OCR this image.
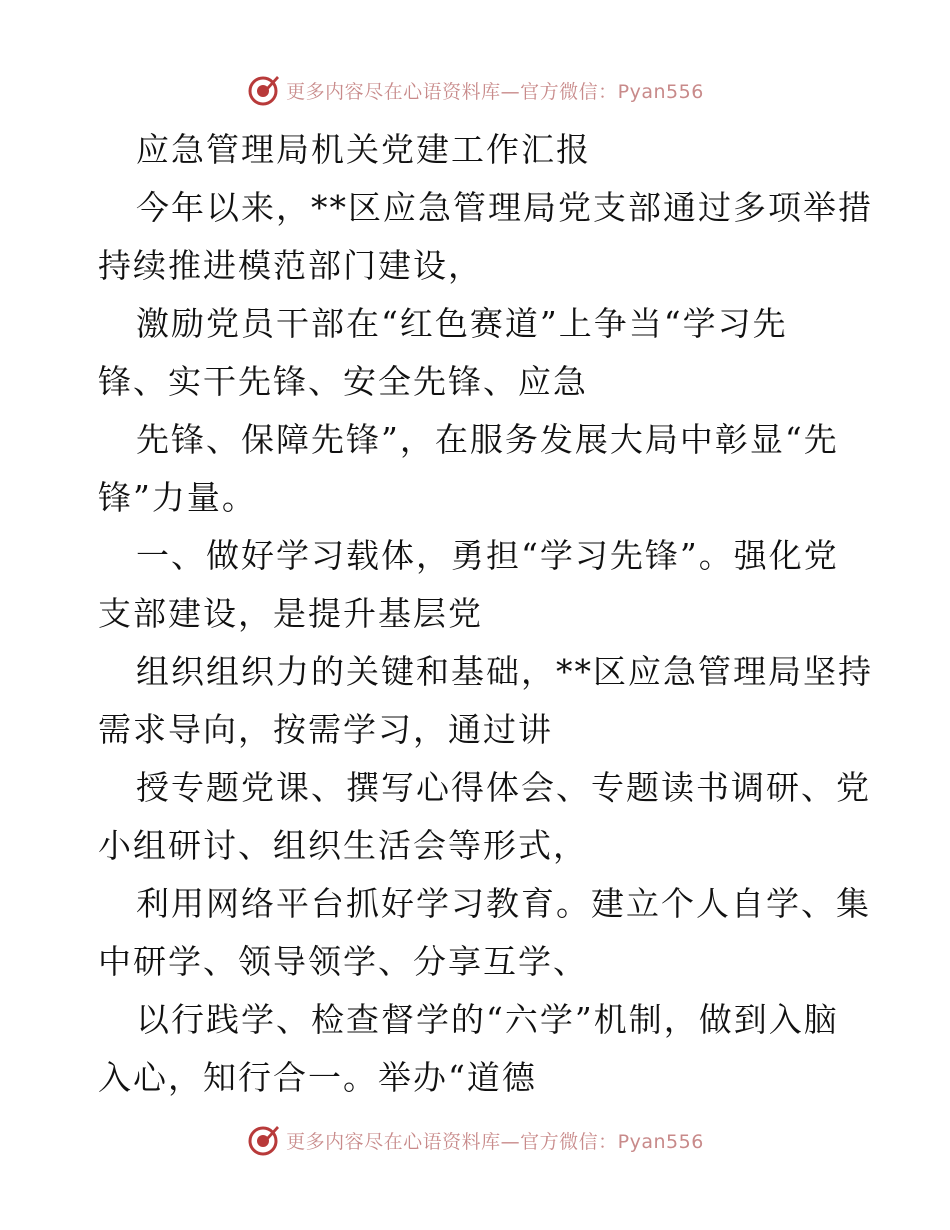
更多内容尽在心语资料库—官方微信：Pyan556

应急管理局机关党建工作汇报

今年以来，**区应急管理局党支部通过多项举措

持续推进模范部门建设，

激励党员干部在“红色赛道”上争当“学习先

锋、实干先锋、安全先锋、应急

先锋、保障先锋”，在服务发展大局中彰显“先

锋”力量。

一、做好学习载体，勇担“学习先锋”。强化党

支部建设，是提升基层党

组织组织力的关键和基础，**区应急管理局坚持

需求导向，按需学习，通过讲

授专题党课、撰写心得体会、专题读书调研、党

小组研讨、组织生活会等形式，

利用网络平台抓好学习教育。建立个人自学、集

中研学、领导领学、分享互学、

以行践学、检查督学的“六学”机制，做到入脑

入心，知行合一。举办“道德

更多内容尽在心语资料库—官方微信：Pyan556
